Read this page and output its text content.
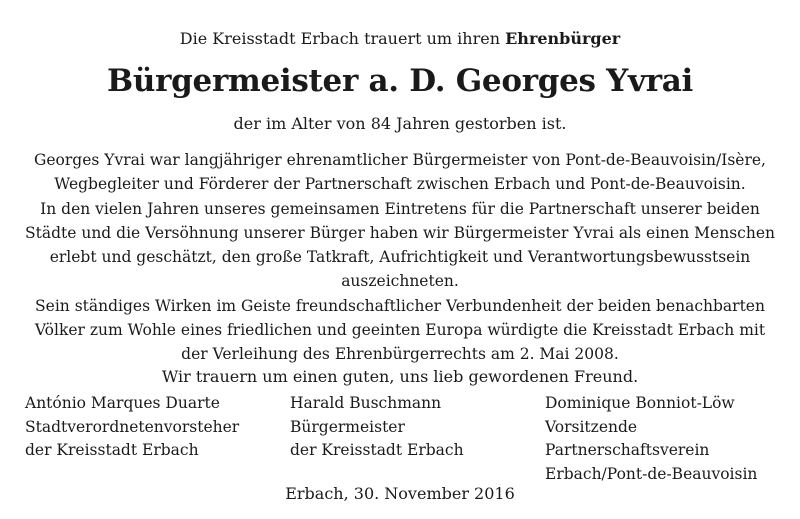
Die Kreisstadt Erbach trauert um ihren Ehrenbürger
Bürgermeister a. D. Georges Yvrai
der im Alter von 84 Jahren gestorben ist.

Georges Yvrai war langjähriger ehrenamtlicher Bürgermeister von Pont-de-Beauvoisin/Isère,
Wegbegleiter und Förderer der Partnerschaft zwischen Erbach und Pont-de-Beauvoisin.

In den vielen Jahren unseres gemeinsamen Eintretens für die Partnerschaft unserer beiden
Städte und die Versöhnung unserer Bürger haben wir Bürgermeister Yvrai als einen Menschen
erlebt und geschätzt, den große Tatkraft, Aufrichtigkeit und Verantwortungsbewusstsein
auszeichneten.

Sein ständiges Wirken im Geiste freundschaftlicher Verbundenheit der beiden benachbarten
Völker zum Wohle eines friedlichen und geeinten Europa würdigte die Kreisstadt Erbach mit
der Verleihung des Ehrenbürgerrechts am 2. Mai 2008.

Wir trauern um einen guten, uns lieb gewordenen Freund.
António Marques Duarte
Stadtverordnetenvorsteher
der Kreisstadt Erbach
Harald Buschmann
Bürgermeister
der Kreisstadt Erbach
Dominique Bonniot-Löw
Vorsitzende
Partnerschaftsverein
Erbach/Pont-de-Beauvoisin
Erbach, 30. November 2016
